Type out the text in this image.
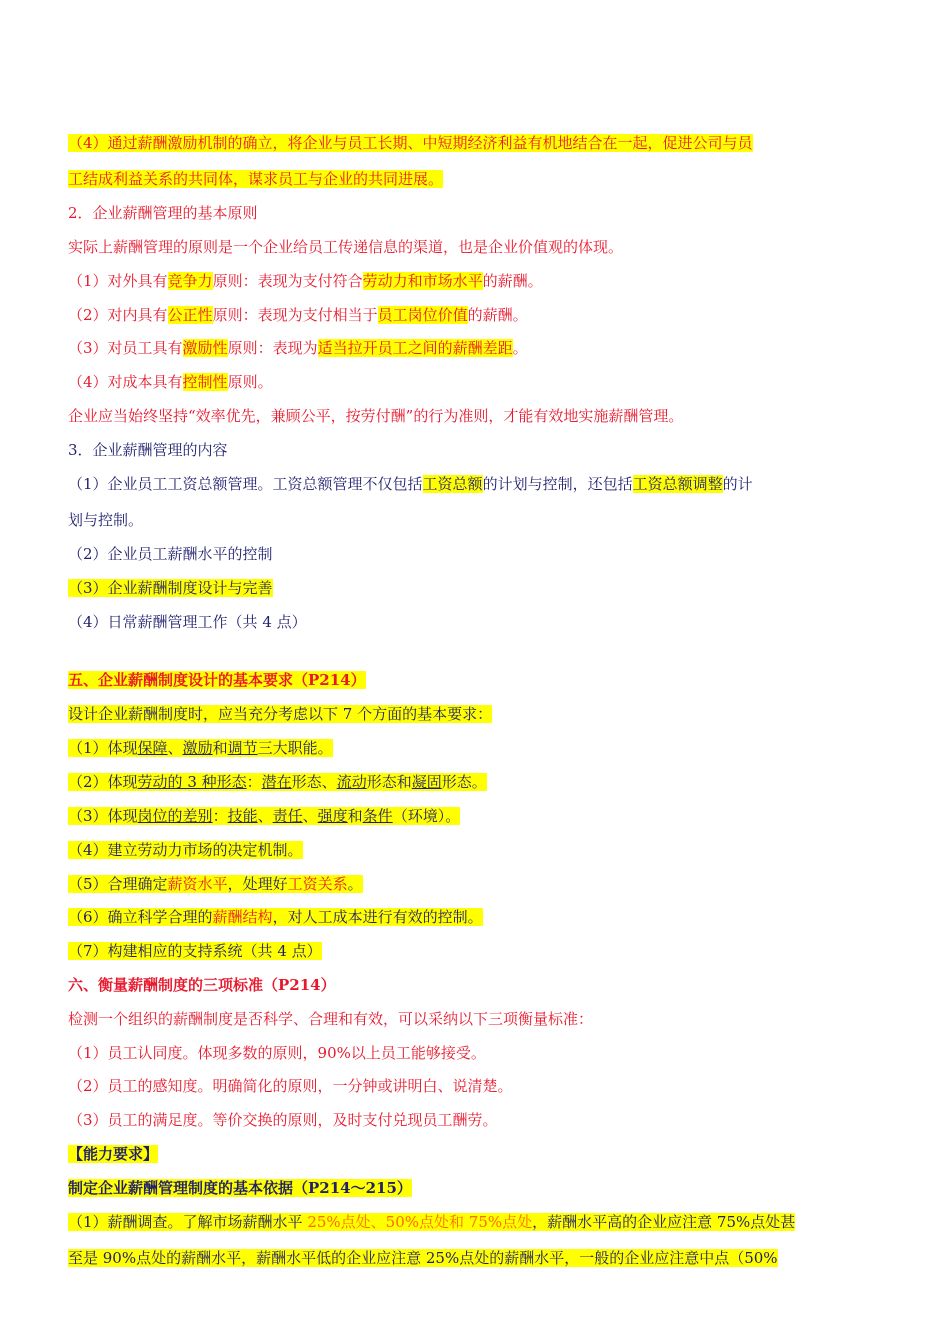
（4）通过薪酬激励机制的确立，将企业与员工长期、中短期经济利益有机地结合在一起，促进公司与员
工结成利益关系的共同体，谋求员工与企业的共同进展。
2．企业薪酬管理的基本原则
实际上薪酬管理的原则是一个企业给员工传递信息的渠道，也是企业价值观的体现。
（1）对外具有竞争力原则：表现为支付符合劳动力和市场水平的薪酬。
（2）对内具有公正性原则：表现为支付相当于员工岗位价值的薪酬。
（3）对员工具有激励性原则：表现为适当拉开员工之间的薪酬差距。
（4）对成本具有控制性原则。
企业应当始终坚持“效率优先，兼顾公平，按劳付酬”的行为准则，才能有效地实施薪酬管理。
3．企业薪酬管理的内容
（1）企业员工工资总额管理。工资总额管理不仅包括工资总额的计划与控制，还包括工资总额调整的计
划与控制。
（2）企业员工薪酬水平的控制
（3）企业薪酬制度设计与完善
（4）日常薪酬管理工作（共 4 点）
五、企业薪酬制度设计的基本要求（P214）
设计企业薪酬制度时，应当充分考虑以下 7 个方面的基本要求：
（1）体现保障、激励和调节三大职能。
（2）体现劳动的 3 种形态：潜在形态、流动形态和凝固形态。
（3）体现岗位的差别：技能、责任、强度和条件（环境）。
（4）建立劳动力市场的决定机制。
（5）合理确定薪资水平，处理好工资关系。
（6）确立科学合理的薪酬结构，对人工成本进行有效的控制。
（7）构建相应的支持系统（共 4 点）
六、衡量薪酬制度的三项标准（P214）
检测一个组织的薪酬制度是否科学、合理和有效，可以采纳以下三项衡量标准：
（1）员工认同度。体现多数的原则，90%以上员工能够接受。
（2）员工的感知度。明确简化的原则，一分钟或讲明白、说清楚。
（3）员工的满足度。等价交换的原则，及时支付兑现员工酬劳。
【能力要求】
制定企业薪酬管理制度的基本依据（P214～215）
（1）薪酬调查。了解市场薪酬水平 25%点处、50%点处和 75%点处，薪酬水平高的企业应注意 75%点处甚
至是 90%点处的薪酬水平，薪酬水平低的企业应注意 25%点处的薪酬水平，一般的企业应注意中点（50%
